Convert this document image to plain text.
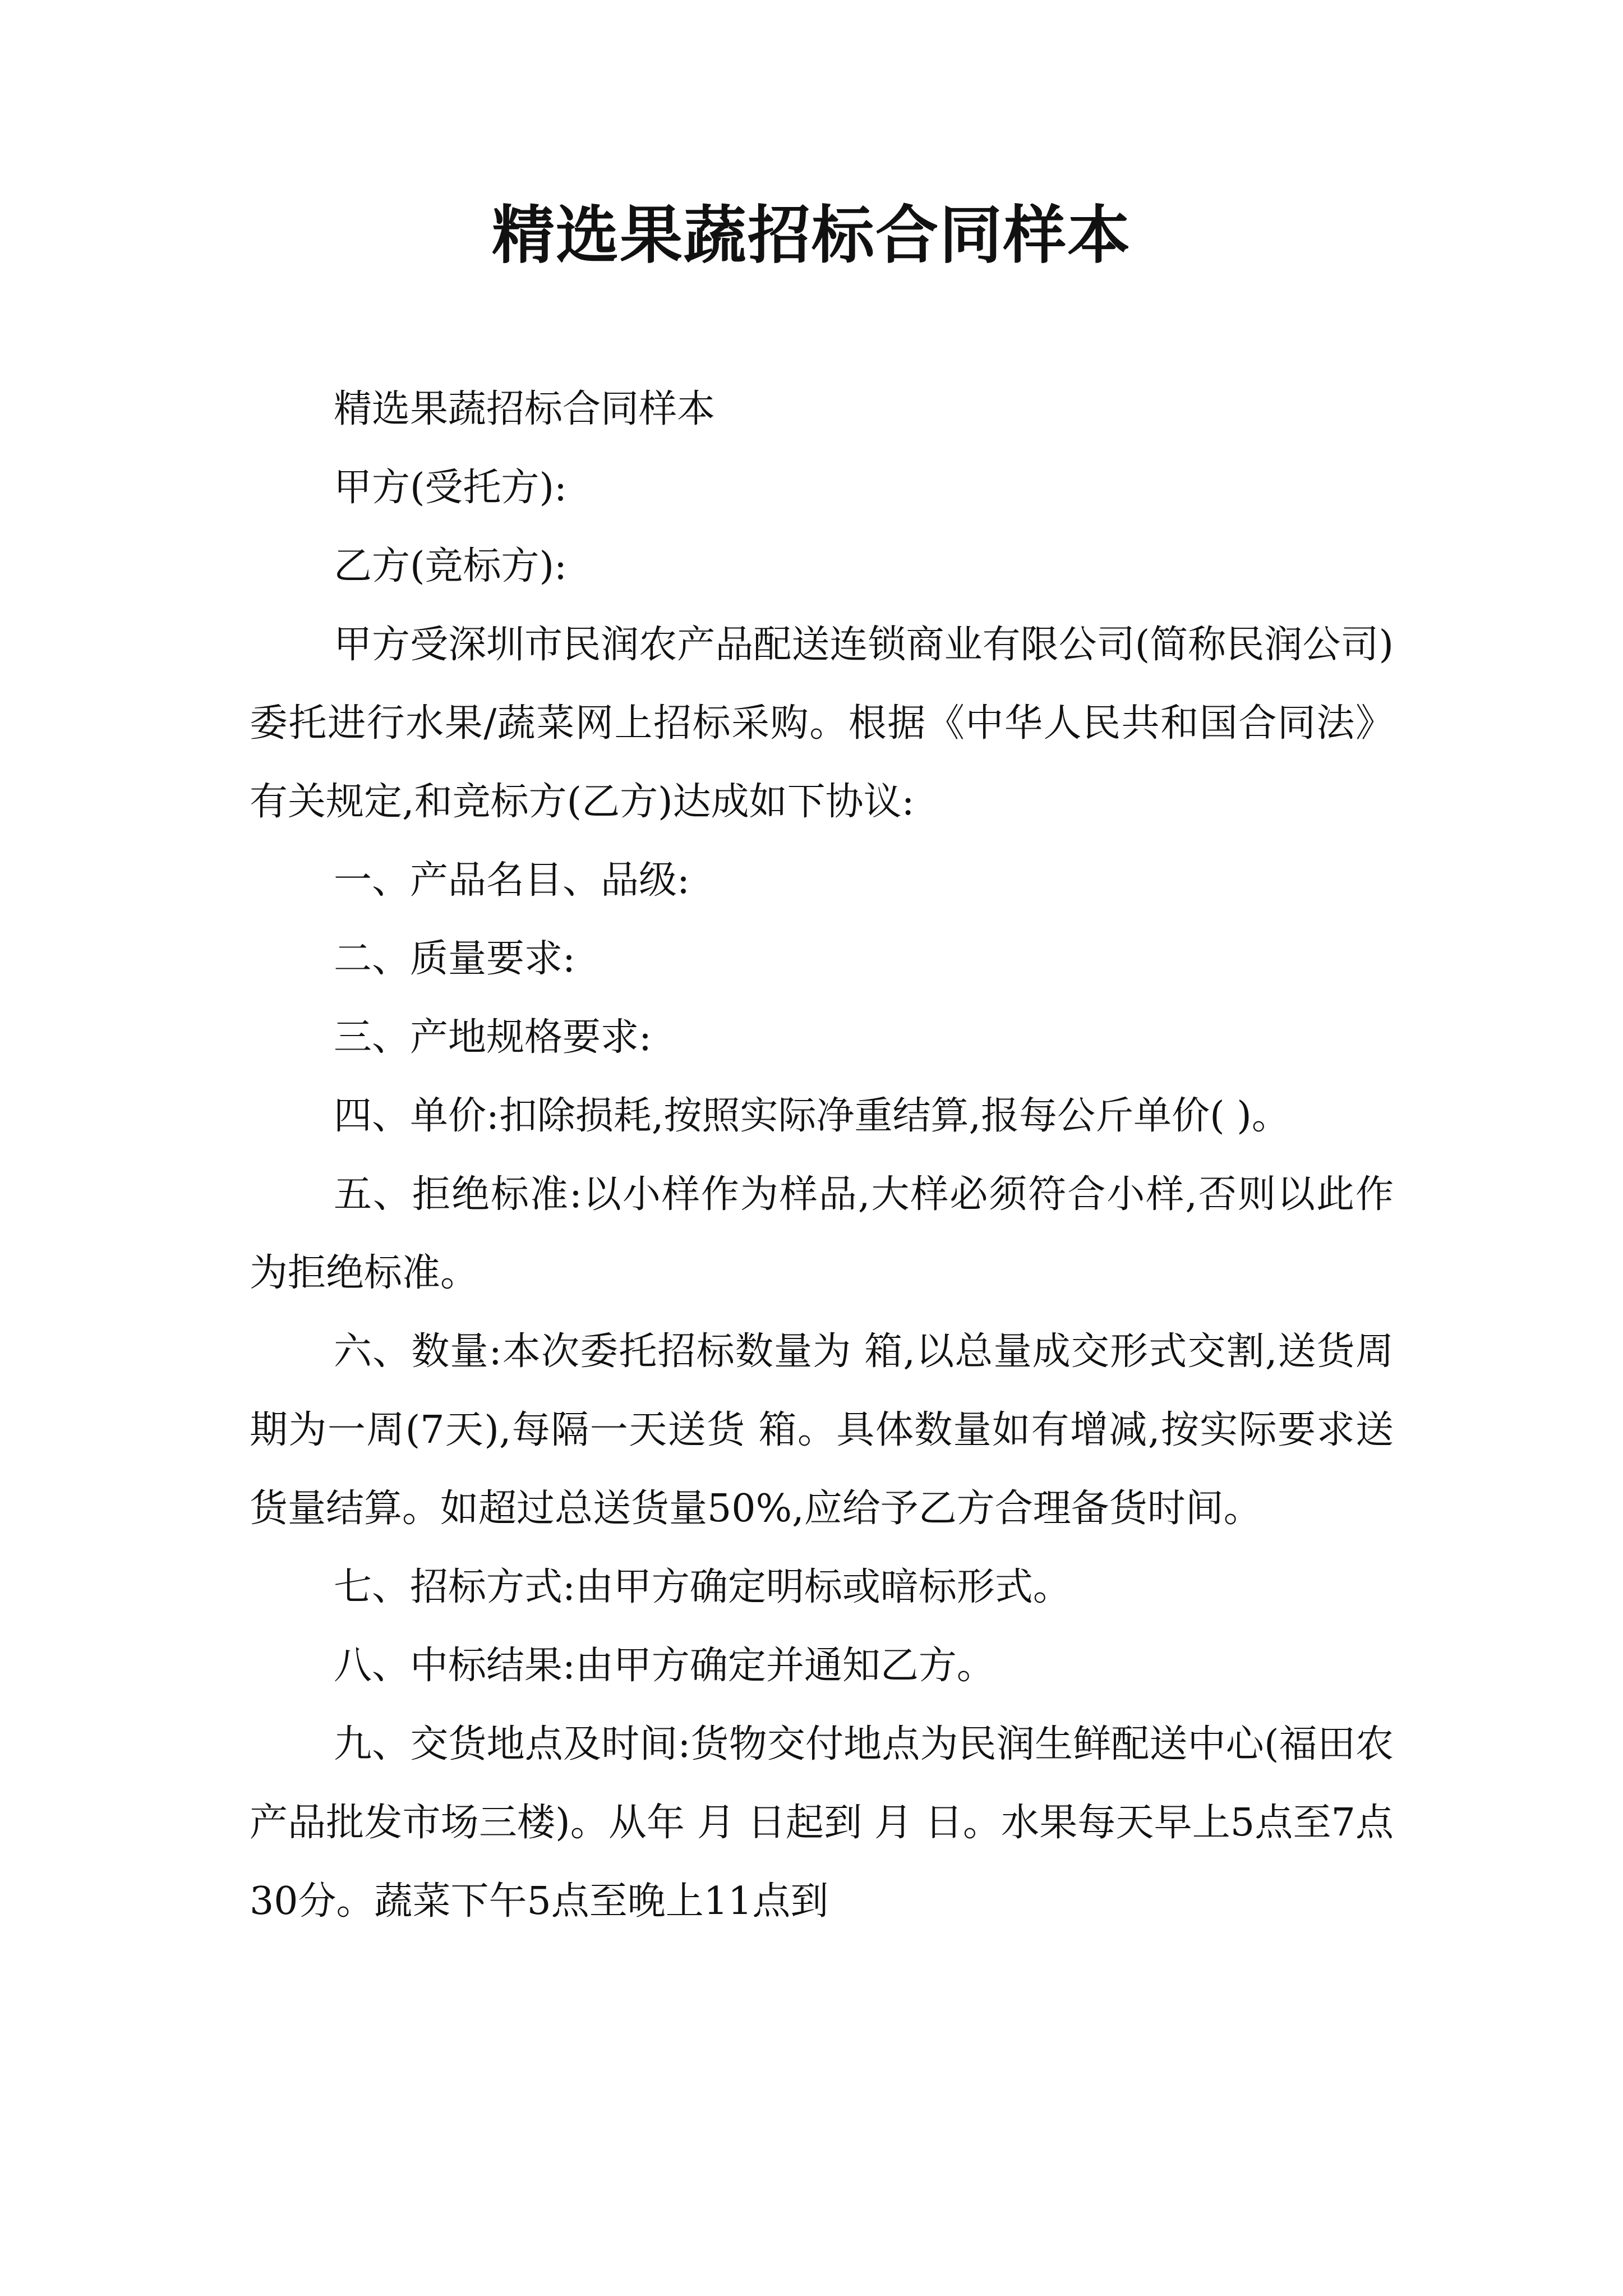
精选果蔬招标合同样本

精选果蔬招标合同样本

甲方(受托方):

乙方(竞标方):

甲方受深圳市民润农产品配送连锁商业有限公司(简称民润公司)委托进行水果/蔬菜网上招标采购。根据《中华人民共和国合同法》有关规定,和竞标方(乙方)达成如下协议:

一、产品名目、品级:

二、质量要求:

三、产地规格要求:

四、单价:扣除损耗,按照实际净重结算,报每公斤单价( )。

五、拒绝标准:以小样作为样品,大样必须符合小样,否则以此作为拒绝标准。

六、数量:本次委托招标数量为 箱,以总量成交形式交割,送货周期为一周(7天),每隔一天送货 箱。具体数量如有增减,按实际要求送货量结算。如超过总送货量50%,应给予乙方合理备货时间。

七、招标方式:由甲方确定明标或暗标形式。

八、中标结果:由甲方确定并通知乙方。

九、交货地点及时间:货物交付地点为民润生鲜配送中心(福田农产品批发市场三楼)。从年 月 日起到 月 日。水果每天早上5点至7点30分。蔬菜下午5点至晚上11点到
